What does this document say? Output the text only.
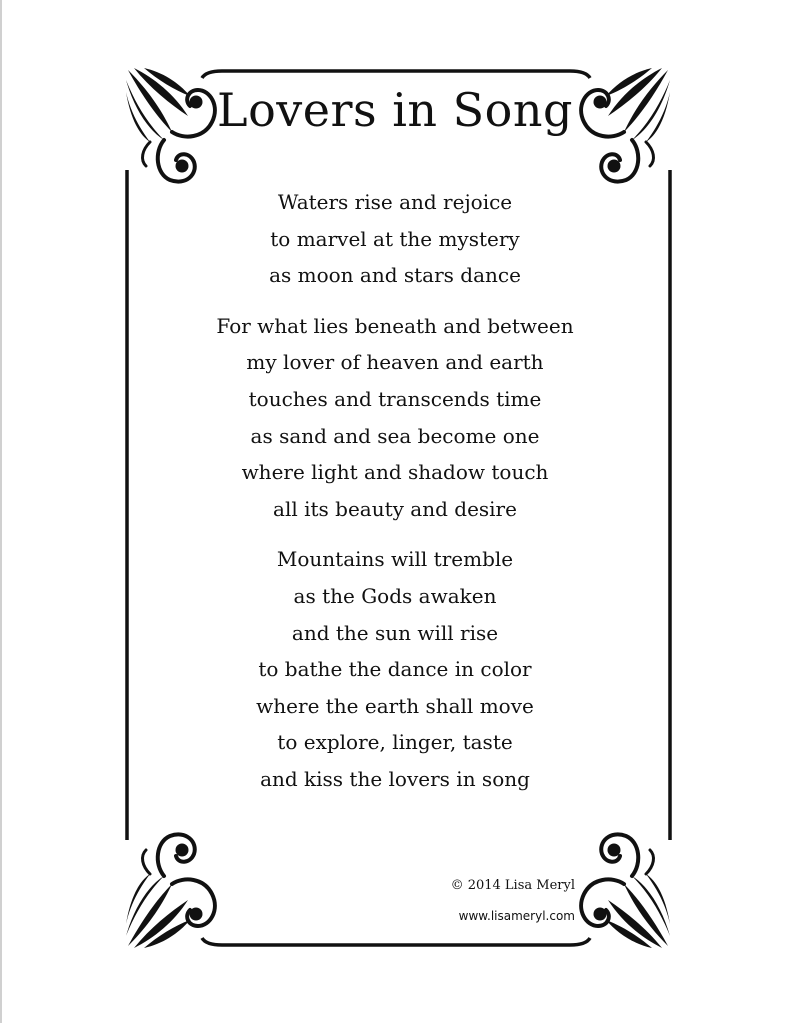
Lovers in Song
Waters rise and rejoice
to marvel at the mystery
as moon and stars dance
For what lies beneath and between
my lover of heaven and earth
touches and transcends time
as sand and sea become one
where light and shadow touch
all its beauty and desire
Mountains will tremble
as the Gods awaken
and the sun will rise
to bathe the dance in color
where the earth shall move
to explore, linger, taste
and kiss the lovers in song
© 2014 Lisa Meryl
www.lisameryl.com
